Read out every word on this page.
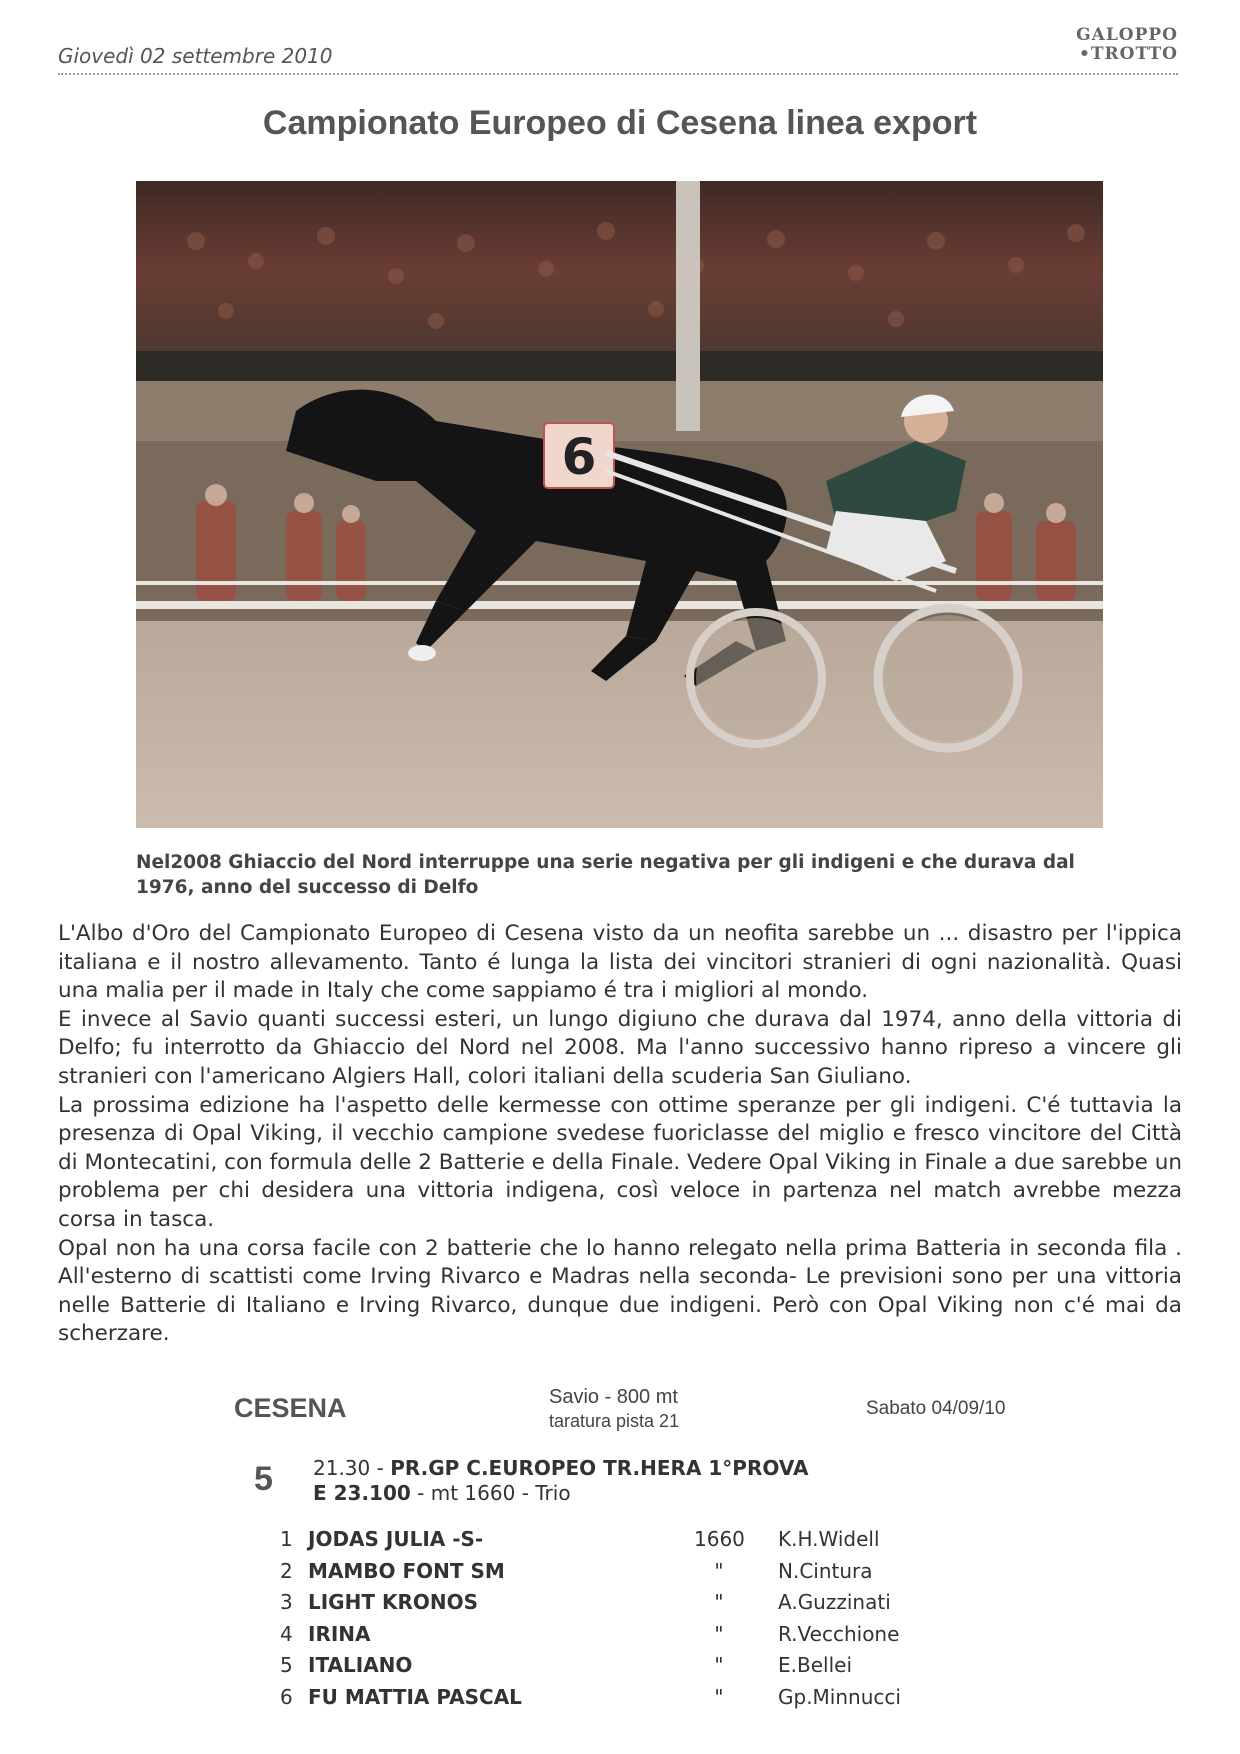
Giovedì 02 settembre 2010
GALOPPO
•TROTTO
Campionato Europeo di Cesena linea export
6
Nel2008 Ghiaccio del Nord interruppe una serie negativa per gli indigeni e che durava dal 1976, anno del successo di Delfo

L'Albo d'Oro del Campionato Europeo di Cesena visto da un neofita sarebbe un ... disastro per l'ippica italiana e il nostro allevamento. Tanto é lunga la lista dei vincitori stranieri di ogni nazionalità. Quasi una malia per il made in Italy che come sappiamo é tra i migliori al mondo.

E invece al Savio quanti successi esteri, un lungo digiuno che durava dal 1974, anno della vittoria di Delfo; fu interrotto da Ghiaccio del Nord nel 2008. Ma l'anno successivo hanno ripreso a vincere gli stranieri con l'americano Algiers Hall, colori italiani della scuderia San Giuliano.

La prossima edizione ha l'aspetto delle kermesse con ottime speranze per gli indigeni. C'é tuttavia la presenza di Opal Viking, il vecchio campione svedese fuoriclasse del miglio e fresco vincitore del Città di Montecatini, con formula delle 2 Batterie e della Finale. Vedere Opal Viking in Finale a due sarebbe un problema per chi desidera una vittoria indigena, così veloce in partenza nel match avrebbe mezza corsa in tasca.

Opal non ha una corsa facile con 2 batterie che lo hanno relegato nella prima Batteria in seconda fila . All'esterno di scattisti come Irving Rivarco e Madras nella seconda- Le previsioni sono per una vittoria nelle Batterie di Italiano e Irving Rivarco, dunque due indigeni. Però con Opal Viking non c'é mai da scherzare.

CESENA	Savio - 800 mt
taratura pista 21
Sabato 04/09/10
5 21.30 - PR.GP C.EUROPEO TR.HERA 1°PROVA
E 23.100 - mt 1660 - Trio
1 JODAS JULIA -S-	1660 K.H.Widell
2 MAMBO FONT SM	"	N.Cintura
3 LIGHT KRONOS	"	A.Guzzinati
4 IRINA	"	R.Vecchione
5 ITALIANO	"	E.Bellei
6 FU MATTIA PASCAL	"	Gp.Minnucci
